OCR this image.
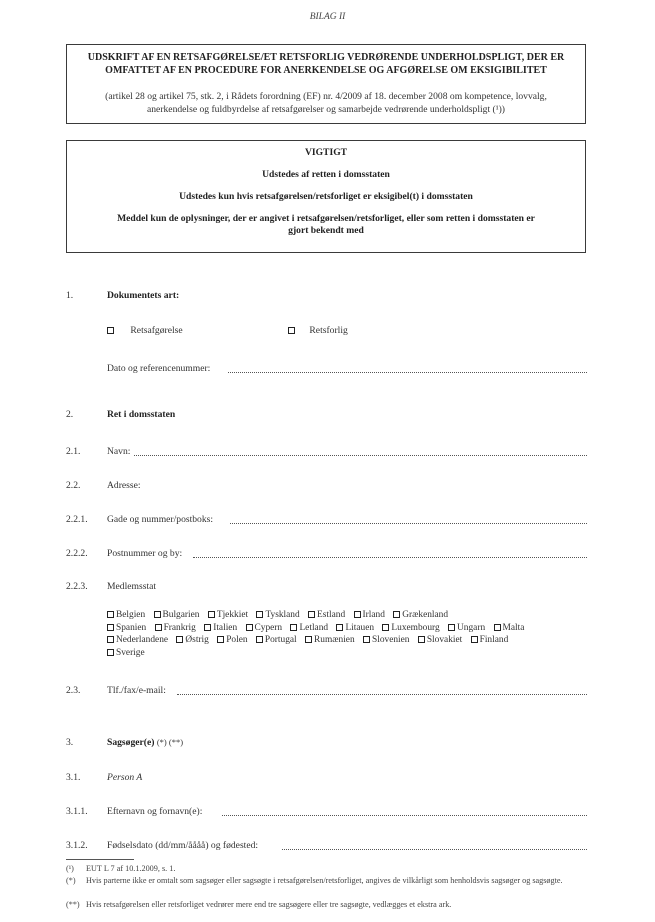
BILAG II
UDSKRIFT AF EN RETSAFGØRELSE/ET RETSFORLIG VEDRØRENDE UNDERHOLDSPLIGT, DER ER
OMFATTET AF EN PROCEDURE FOR ANERKENDELSE OG AFGØRELSE OM EKSIGIBILITET
(artikel 28 og artikel 75, stk. 2, i Rådets forordning (EF) nr. 4/2009 af 18. december 2008 om kompetence, lovvalg,
anerkendelse og fuldbyrdelse af retsafgørelser og samarbejde vedrørende underholdspligt (¹))
VIGTIGT
Udstedes af retten i domsstaten
Udstedes kun hvis retsafgørelsen/retsforliget er eksigibel(t) i domsstaten
Meddel kun de oplysninger, der er angivet i retsafgørelsen/retsforliget, eller som retten i domsstaten er
gjort bekendt med
1.	Dokumentets art:
Retsafgørelse	Retsforlig
Dato og referencenummer:
2.	Ret i domsstaten
2.1.	Navn:
2.2.	Adresse:
2.2.1. Gade og nummer/postboks:
2.2.2. Postnummer og by:
2.2.3. Medlemsstat
Belgien Bulgarien Tjekkiet Tyskland Estland Irland Grækenland
Spanien Frankrig Italien Cypern Letland Litauen Luxembourg Ungarn Malta
Nederlandene Østrig Polen Portugal Rumænien Slovenien Slovakiet Finland
Sverige
2.3.	Tlf./fax/e-mail:
3.	Sagsøger(e) (*) (**)
3.1.	Person A
3.1.1. Efternavn og fornavn(e):
3.1.2. Fødselsdato (dd/mm/åååå) og fødested:
(¹) EUT L 7 af 10.1.2009, s. 1.
(*) Hvis parterne ikke er omtalt som sagsøger eller sagsøgte i retsafgørelsen/retsforliget, angives de vilkårligt som henholdsvis sagsøger og sagsøgte.
(**) Hvis retsafgørelsen eller retsforliget vedrører mere end tre sagsøgere eller tre sagsøgte, vedlægges et ekstra ark.
